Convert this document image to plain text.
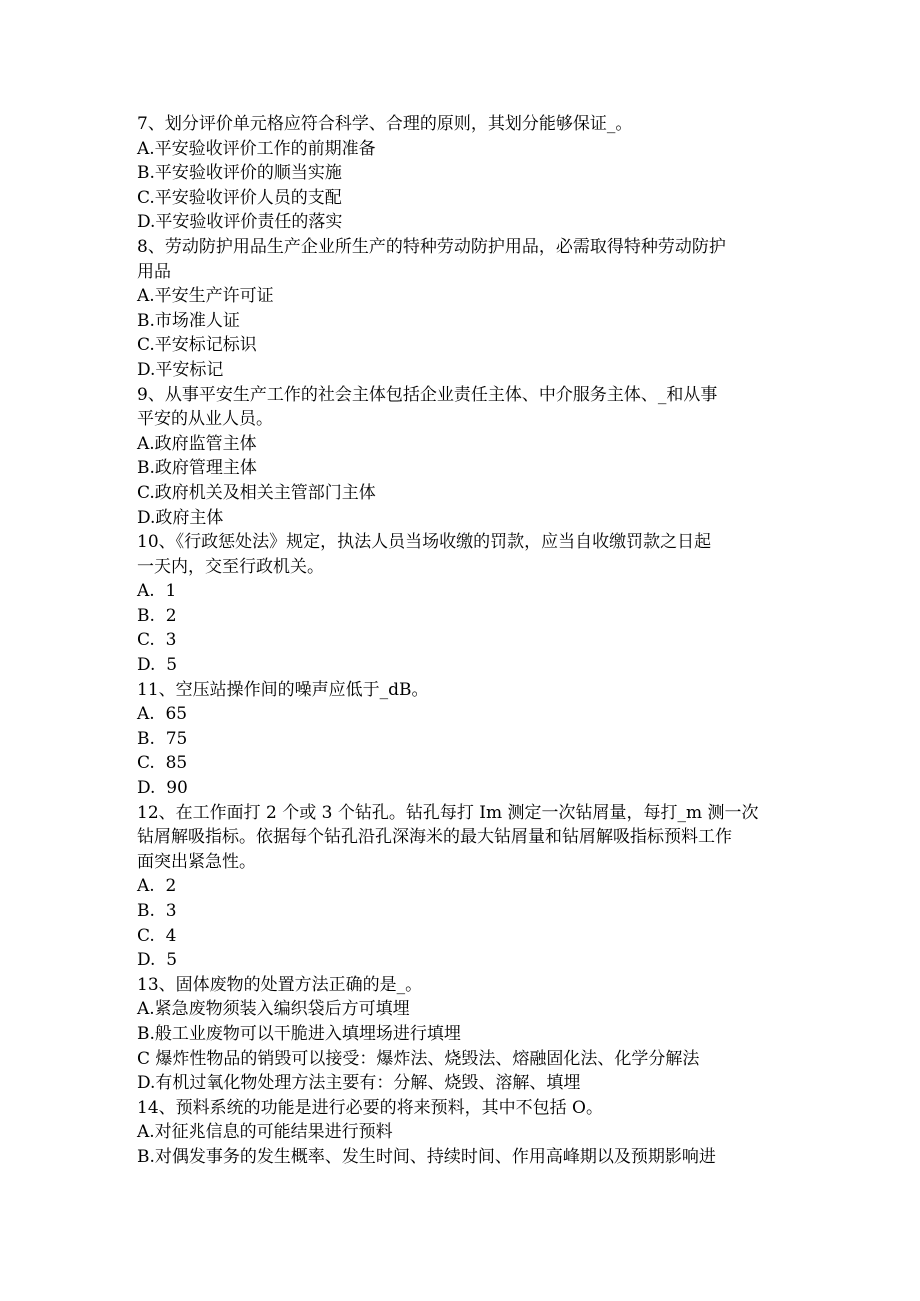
7、划分评价单元格应符合科学、合理的原则，其划分能够保证_。
A.平安验收评价工作的前期准备
B.平安验收评价的顺当实施
C.平安验收评价人员的支配
D.平安验收评价责任的落实
8、劳动防护用品生产企业所生产的特种劳动防护用品，必需取得特种劳动防护
用品
A.平安生产许可证
B.市场准人证
C.平安标记标识
D.平安标记
9、从事平安生产工作的社会主体包括企业责任主体、中介服务主体、_和从事
平安的从业人员。
A.政府监管主体
B.政府管理主体
C.政府机关及相关主管部门主体
D.政府主体
10、《行政惩处法》规定，执法人员当场收缴的罚款，应当自收缴罚款之日起
一天内，交至行政机关。
A.  1
B.  2
C.  3
D.  5
11、空压站操作间的噪声应低于_dB。
A.  65
B.  75
C.  85
D.  90
12、在工作面打 2 个或 3 个钻孔。钻孔每打 Im 测定一次钻屑量，每打_m 测一次
钻屑解吸指标。依据每个钻孔沿孔深海米的最大钻屑量和钻屑解吸指标预料工作
面突出紧急性。
A.  2
B.  3
C.  4
D.  5
13、固体废物的处置方法正确的是_。
A.紧急废物须装入编织袋后方可填埋
B.般工业废物可以干脆进入填埋场进行填埋
C 爆炸性物品的销毁可以接受：爆炸法、烧毁法、熔融固化法、化学分解法
D.有机过氧化物处理方法主要有：分解、烧毁、溶解、填埋
14、预料系统的功能是进行必要的将来预料，其中不包括 O。
A.对征兆信息的可能结果进行预料
B.对偶发事务的发生概率、发生时间、持续时间、作用高峰期以及预期影响进
